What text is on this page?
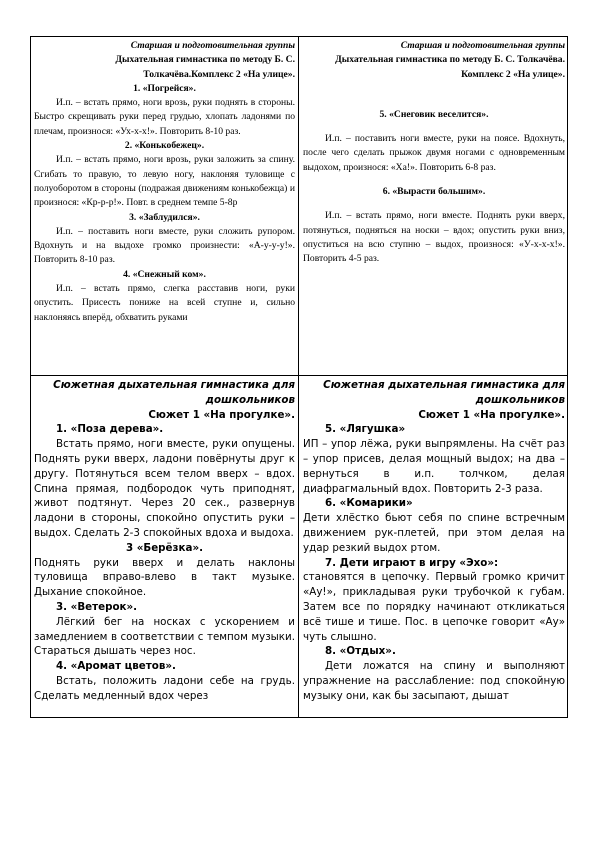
Старшая и подготовительная группы

Дыхательная гимнастика по методу Б. С. Толкачёва.Комплекс 2 «На улице».

1. «Погрейся».

И.п. – встать прямо, ноги врозь, руки поднять в стороны. Быстро скрещивать руки перед грудью, хлопать ладонями по плечам, произнося: «Ух-х-х!». Повторить 8-10 раз.

2. «Конькобежец».

И.п. – встать прямо, ноги врозь, руки заложить за спину. Сгибать то правую, то левую ногу, наклоняя туловище с полуоборотом в стороны (подражая движениям конькобежца) и произнося: «Кр-р-р!». Повт. в среднем темпе 5-8р

3. «Заблудился».

И.п. – поставить ноги вместе, руки сложить рупором. Вдохнуть и на выдохе громко произнести: «А-у-у-у!». Повторить 8-10 раз.

4. «Снежный ком».

И.п. – встать прямо, слегка расставив ноги, руки опустить. Присесть пониже на всей ступне и, сильно наклоняясь вперёд, обхватить руками

Старшая и подготовительная группы

Дыхательная гимнастика по методу Б. С. Толкачёва. Комплекс 2 «На улице».

5. «Снеговик веселится».

И.п. – поставить ноги вместе, руки на поясе. Вдохнуть, после чего сделать прыжок двумя ногами с одновременным выдохом, произнося: «Ха!». Повторить 6-8 раз.

6. «Вырасти большим».

И.п. – встать прямо, ноги вместе. Поднять руки вверх, потянуться, подняться на носки – вдох; опустить руки вниз, опуститься на всю ступню – выдох, произнося: «У-х-х-х!». Повторить 4-5 раз.

Сюжетная дыхательная гимнастика для дошкольников

Сюжет 1 «На прогулке».

1. «Поза дерева».

Встать прямо, ноги вместе, руки опущены. Поднять руки вверх, ладони повёрнуты друг к другу. Потянуться всем телом вверх – вдох. Спина прямая, подбородок чуть приподнят, живот подтянут. Через 20 сек., развернув ладони в стороны, спокойно опустить руки – выдох. Сделать 2-3 спокойных вдоха и выдоха.

3 «Берёзка».

Поднять руки вверх и делать наклоны туловища вправо-влево в такт музыке. Дыхание спокойное.

3. «Ветерок».

Лёгкий бег на носках с ускорением и замедлением в соответствии с темпом музыки. Стараться дышать через нос.

4. «Аромат цветов».

Встать, положить ладони себе на грудь. Сделать медленный вдох через

Сюжетная дыхательная гимнастика для дошкольников

Сюжет 1 «На прогулке».

5. «Лягушка»

ИП – упор лёжа, руки выпрямлены. На счёт раз – упор присев, делая мощный выдох; на два – вернуться в и.п. толчком, делая диафрагмальный вдох. Повторить 2-3 раза.

6. «Комарики»

Дети хлёстко бьют себя по спине встречным движением рук-плетей, при этом делая на удар резкий выдох ртом.

7. Дети играют в игру «Эхо»:

становятся в цепочку. Первый громко кричит «Ау!», прикладывая руки трубочкой к губам. Затем все по порядку начинают откликаться всё тише и тише. Пос. в цепочке говорит «Ау» чуть слышно.

8. «Отдых».

Дети ложатся на спину и выполняют упражнение на расслабление: под спокойную музыку они, как бы засыпают, дышат
